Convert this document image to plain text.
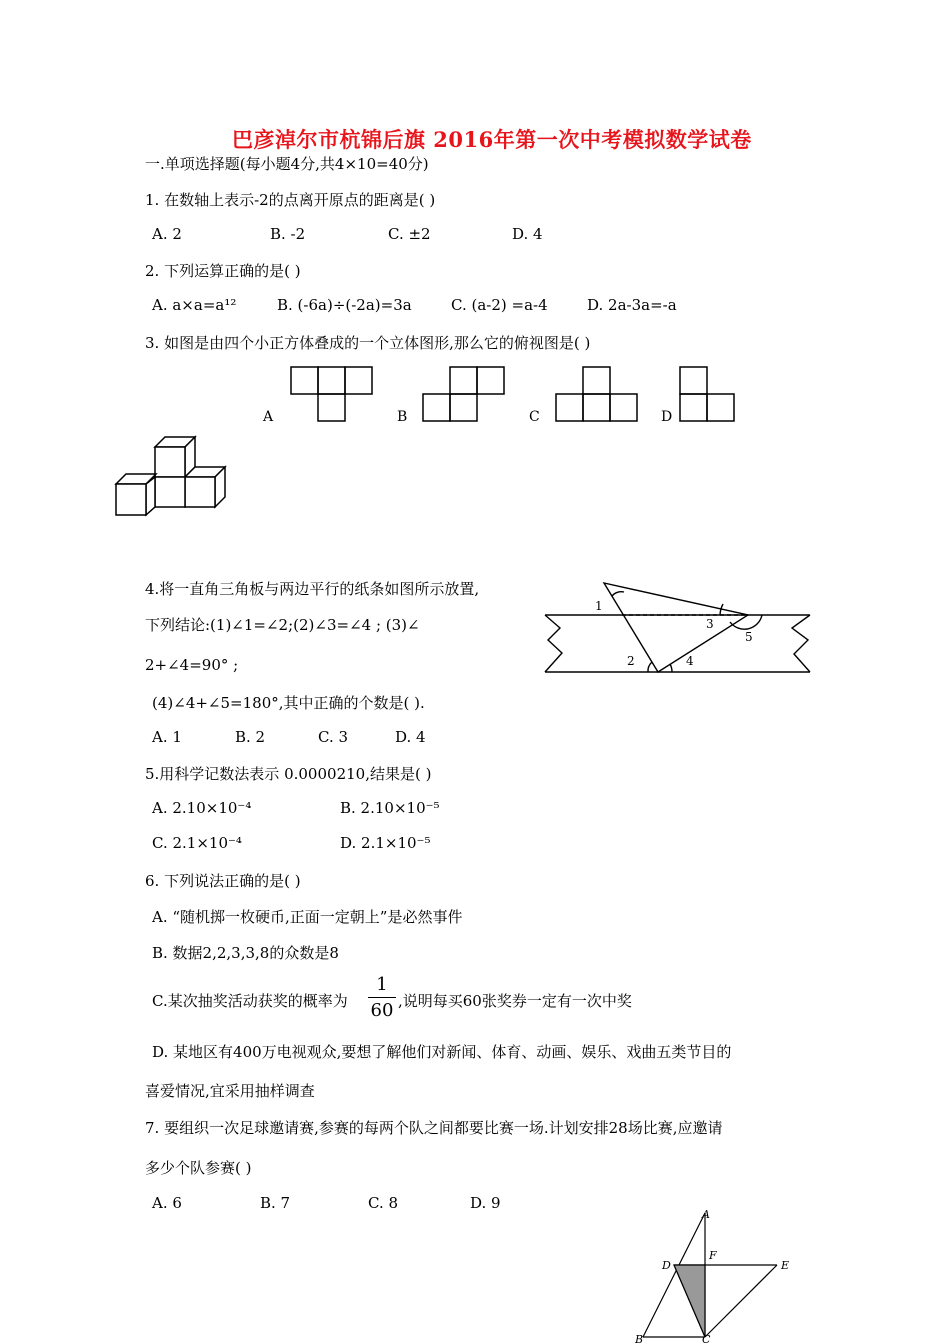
巴彦淖尔市杭锦后旗 2016年第一次中考模拟数学试卷
一.单项选择题(每小题4分,共4×10=40分)
1. 在数轴上表示-2的点离开原点的距离是( )
A. 2	B. -2	C. ±2	D. 4
2. 下列运算正确的是( )
A. a×a=a¹²	B. (-6a)÷(-2a)=3a	C. (a-2) =a-4	D. 2a-3a=-a
3. 如图是由四个小正方体叠成的一个立体图形,那么它的俯视图是( )
A	B	C	D
4.将一直角三角板与两边平行的纸条如图所示放置,
下列结论:(1)∠1=∠2;(2)∠3=∠4 ; (3)∠
2+∠4=90° ;
(4)∠4+∠5=180°,其中正确的个数是( ).
A. 1	B. 2	C. 3	D. 4
1
3
5
2	4
5.用科学记数法表示 0.0000210,结果是( )
A. 2.10×10⁻⁴	B. 2.10×10⁻⁵
C. 2.1×10⁻⁴	D. 2.1×10⁻⁵
6. 下列说法正确的是( )
A. “随机掷一枚硬币,正面一定朝上”是必然事件
B. 数据2,2,3,3,8的众数是8
C.某次抽奖活动获奖的概率为
1
60 ,说明每买60张奖券一定有一次中奖
D. 某地区有400万电视观众,要想了解他们对新闻、体育、动画、娱乐、戏曲五类节目的
喜爱情况,宜采用抽样调查
7. 要组织一次足球邀请赛,参赛的每两个队之间都要比赛一场.计划安排28场比赛,应邀请
多少个队参赛( )
A. 6	B. 7	C. 8	D. 9
A
F
D	E
B	C
